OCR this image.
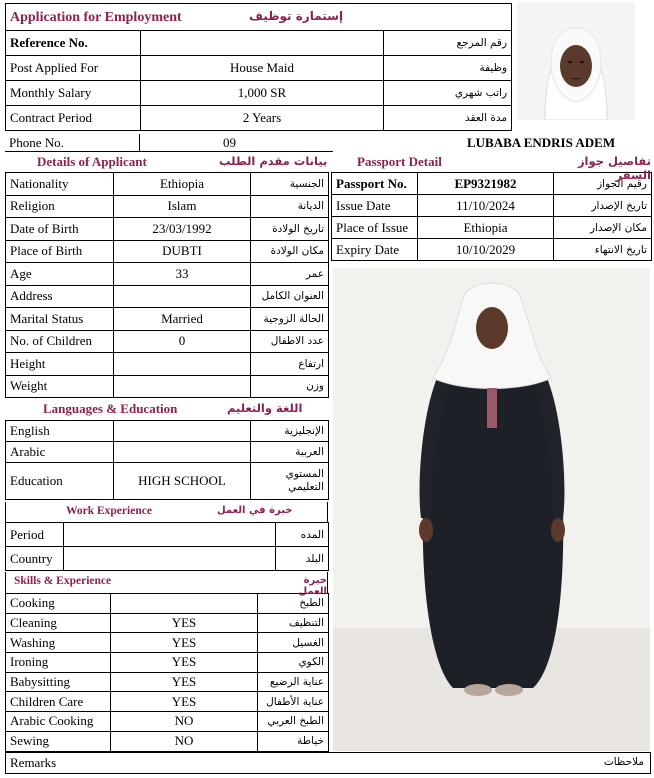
Application for Employment إستمارة توظيف		

Reference No.		رقم المرجع
Post Applied For	House Maid	وظيفة
Monthly Salary	1,000 SR	راتب شهري
Contract Period	2 Years	مدة العقد
Phone No.	09	LUBABA ENDRIS ADEM
Details of Applicant	بيانات مقدم الطلب
Nationality	Ethiopia	الجنسية
Religion	Islam	الديانة
Date of Birth	23/03/1992	تاريخ الولادة
Place of Birth	DUBTI	مكان الولادة
Age	33	عمر
Address		العنوان الكامل
Marital Status	Married	الحالة الزوجية
No. of Children	0	عدد الاطفال
Height		ارتفاع
Weight		وزن
Passport Detail	تفاصيل جواز السفر
Passport No.	EP9321982	رقيم الجواز
Issue Date	11/10/2024	تاريخ الإصدار
Place of Issue	Ethiopia	مكان الإصدار
Expiry Date	10/10/2029	تاريخ الانتهاء
Languages & Education	اللغة والتعليم
English		الإنجليزية
Arabic		العربية
Education	HIGH SCHOOL	المستوي التعليمي
Work Experience	خبرة في العمل
Period		المده
Country		البلد
Skills & Experience	خبرة العمل
Cooking		الطبخ
Cleaning	YES	التنظيف
Washing	YES	الغسيل
Ironing	YES	الكوي
Babysitting	YES	عناية الرضيع
Children Care	YES	عناية الأطفال
Arabic Cooking	NO	الطبخ العربي
Sewing	NO	خياطة
Remarks	ملاحظات
